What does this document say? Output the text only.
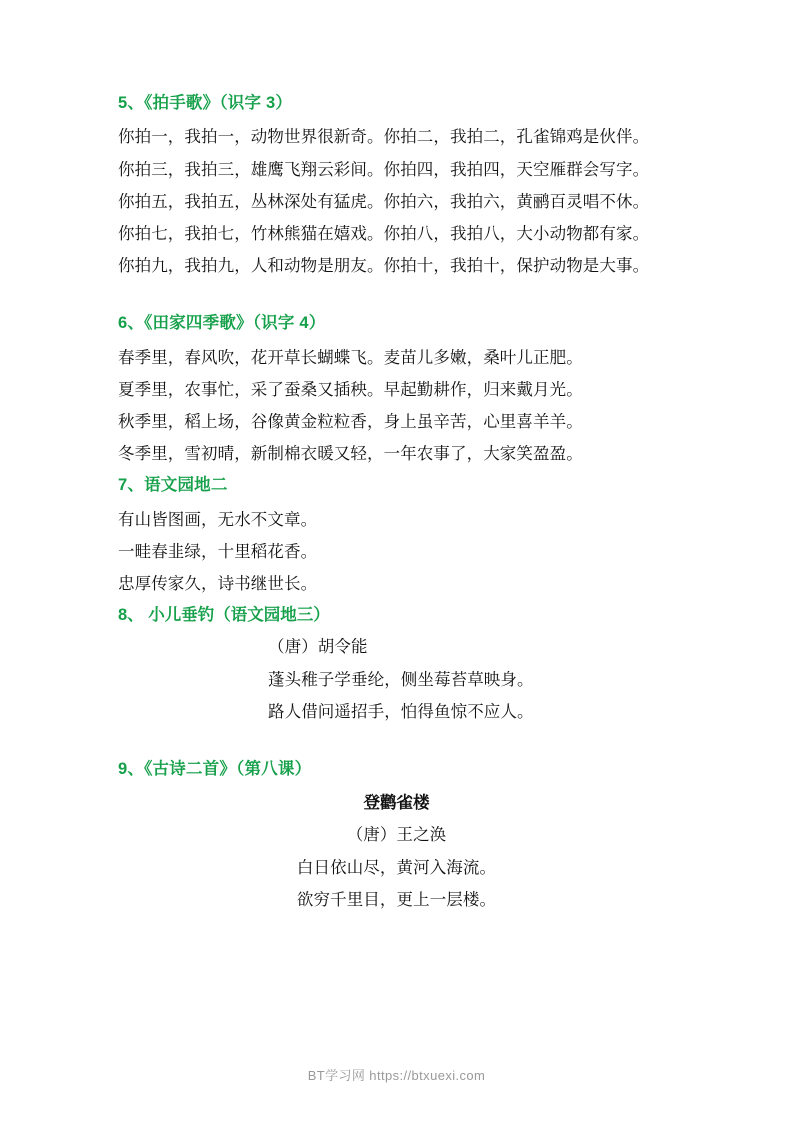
5、《拍手歌》（识字 3）

你拍一，我拍一，动物世界很新奇。你拍二，我拍二，孔雀锦鸡是伙伴。

你拍三，我拍三，雄鹰飞翔云彩间。你拍四，我拍四，天空雁群会写字。

你拍五，我拍五，丛林深处有猛虎。你拍六，我拍六，黄鹂百灵唱不休。

你拍七，我拍七，竹林熊猫在嬉戏。你拍八，我拍八，大小动物都有家。

你拍九，我拍九，人和动物是朋友。你拍十，我拍十，保护动物是大事。

6、《田家四季歌》（识字 4）

春季里，春风吹，花开草长蝴蝶飞。麦苗儿多嫩，桑叶儿正肥。

夏季里，农事忙，采了蚕桑又插秧。早起勤耕作，归来戴月光。

秋季里，稻上场，谷像黄金粒粒香，身上虽辛苦，心里喜羊羊。

冬季里，雪初晴，新制棉衣暖又轻，一年农事了，大家笑盈盈。

7、语文园地二

有山皆图画，无水不文章。

一畦春韭绿，十里稻花香。

忠厚传家久，诗书继世长。

8、 小儿垂钓（语文园地三）

（唐）胡令能

蓬头稚子学垂纶，侧坐莓苔草映身。

路人借问遥招手，怕得鱼惊不应人。

9、《古诗二首》（第八课）

登鹳雀楼

（唐）王之涣

白日依山尽，黄河入海流。

欲穷千里目，更上一层楼。

BT学习网 https://btxuexi.com
